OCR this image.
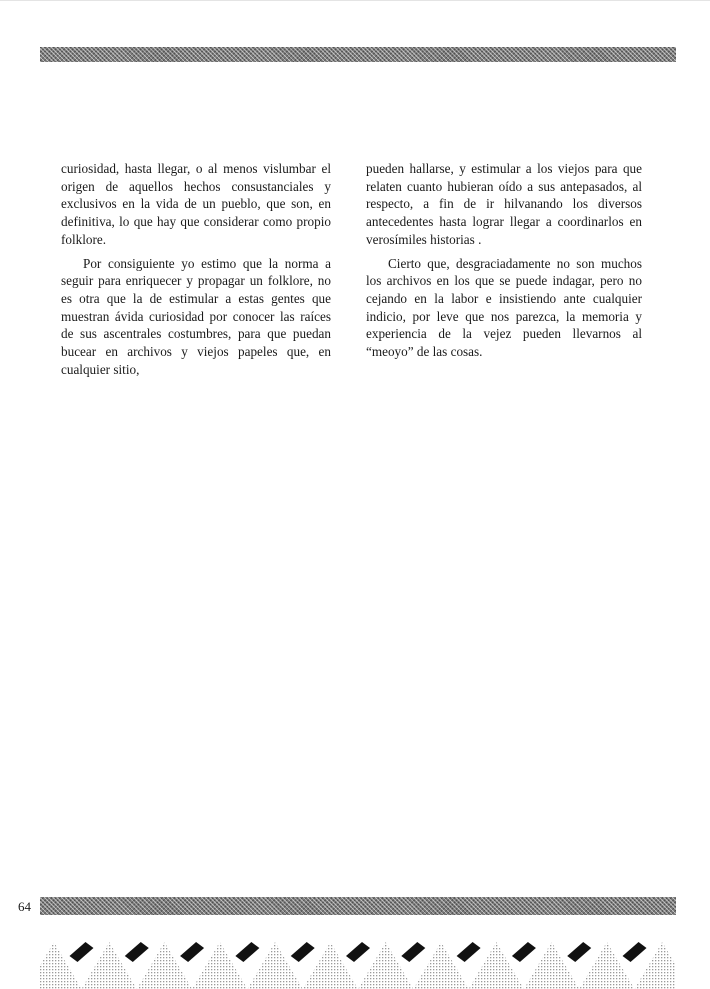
curiosidad, hasta llegar, o al menos vislumbar el origen de aquellos hechos consustanciales y exclusivos en la vida de un pueblo, que son, en definitiva, lo que hay que considerar como propio folklore.

Por consiguiente yo estimo que la norma a seguir para enriquecer y propagar un folklore, no es otra que la de estimular a estas gentes que muestran ávida curiosidad por conocer las raíces de sus ascentrales costumbres, para que puedan bucear en archivos y viejos papeles que, en cualquier sitio,

pueden hallarse, y estimular a los viejos para que relaten cuanto hubieran oído a sus antepasados, al respecto, a fin de ir hilvanando los diversos antecedentes hasta lograr llegar a coordinarlos en verosímiles historias .

Cierto que, desgraciadamente no son muchos los archivos en los que se puede indagar, pero no cejando en la labor e insistiendo ante cualquier indicio, por leve que nos parezca, la memoria y experiencia de la vejez pueden llevarnos al “meoyo” de las cosas.

64
